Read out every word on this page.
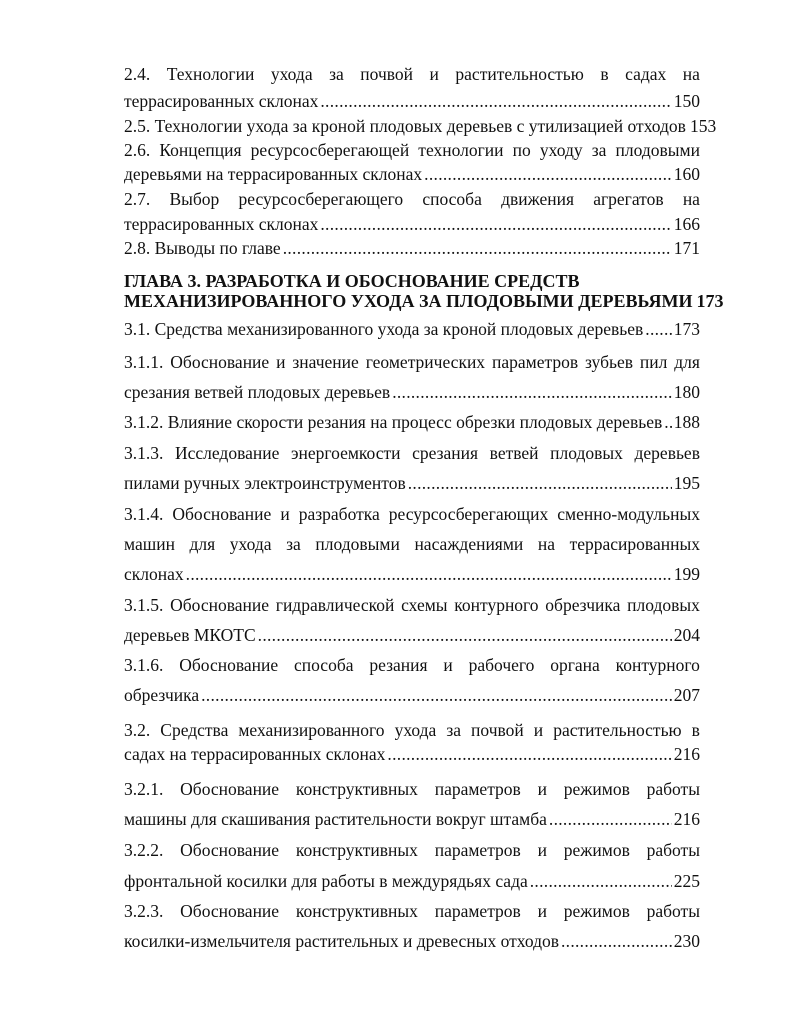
2.4. Технологии ухода за почвой и растительностью в садах на
террасированных склонах .....	150
2.5. Технологии ухода за кроной плодовых деревьев с утилизацией отходов 153
2.6. Концепция ресурсосберегающей технологии по уходу за плодовыми
деревьями на террасированных склонах .....	160
2.7. Выбор ресурсосберегающего способа движения агрегатов на
террасированных склонах .....	166
2.8. Выводы по главе .....	171
ГЛАВА 3. РАЗРАБОТКА И ОБОСНОВАНИЕ СРЕДСТВ
МЕХАНИЗИРОВАННОГО УХОДА ЗА ПЛОДОВЫМИ ДЕРЕВЬЯМИ 173
3.1. Средства механизированного ухода за кроной плодовых деревьев ..... 173
3.1.1. Обоснование и значение геометрических параметров зубьев пил для
срезания ветвей плодовых деревьев .....	180
3.1.2. Влияние скорости резания на процесс обрезки плодовых деревьев ..... 188
3.1.3. Исследование энергоемкости срезания ветвей плодовых деревьев
пилами ручных электроинструментов .....	195
3.1.4. Обоснование и разработка ресурсосберегающих сменно-модульных
машин для ухода за плодовыми насаждениями на террасированных
склонах .....	199
3.1.5. Обоснование гидравлической схемы контурного обрезчика плодовых
деревьев МКОТС .....	204
3.1.6. Обоснование способа резания и рабочего органа контурного
обрезчика .....	207
3.2. Средства механизированного ухода за почвой и растительностью в
садах на террасированных склонах .....	216
3.2.1. Обоснование конструктивных параметров и режимов работы
машины для скашивания растительности вокруг штамба .....	216
3.2.2. Обоснование конструктивных параметров и режимов работы
фронтальной косилки для работы в междурядьях сада .....	225
3.2.3. Обоснование конструктивных параметров и режимов работы
косилки-измельчителя растительных и древесных отходов .....	230
